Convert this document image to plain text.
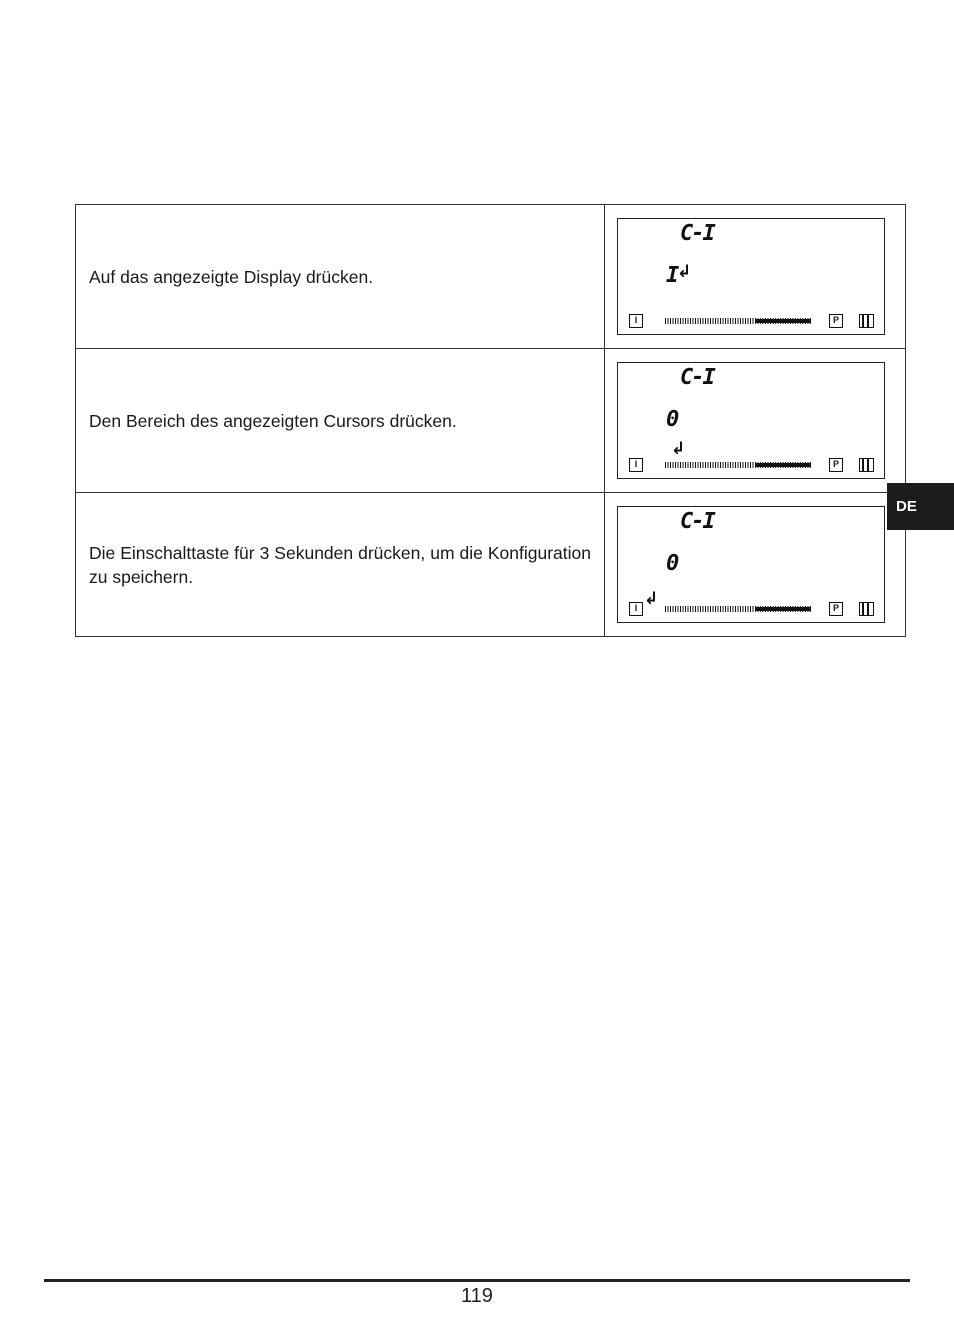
Auf das angezeigte Display drücken.	C-I
I
↲
I P

Den Bereich des angezeigten Cursors drücken.	C-I
0
↲
I P

Die Einschalttaste für 3 Sekunden drücken, um die Konfiguration zu speichern.	C-I
0
↲
I P
DE
119
